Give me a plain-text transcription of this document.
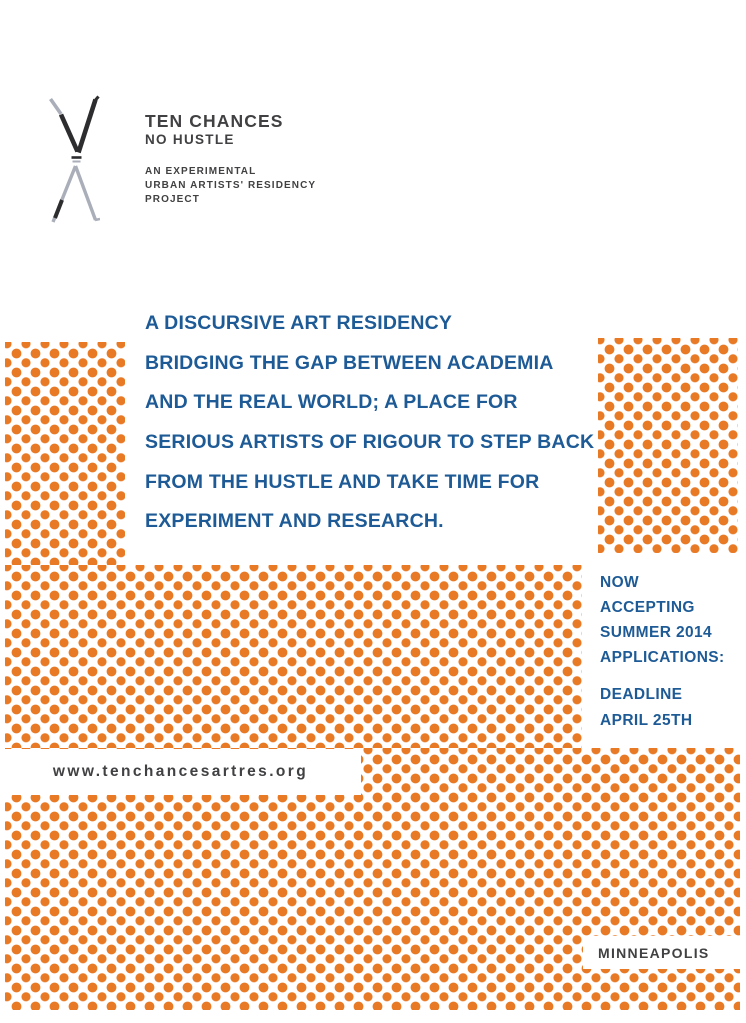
www.tenchancesartres.org
MINNEAPOLIS
TEN CHANCES
NO HUSTLE
AN EXPERIMENTAL
URBAN ARTISTS' RESIDENCY
PROJECT
A DISCURSIVE ART RESIDENCY
BRIDGING THE GAP BETWEEN ACADEMIA
AND THE REAL WORLD; A PLACE FOR
SERIOUS ARTISTS OF RIGOUR TO STEP BACK
FROM THE HUSTLE AND TAKE TIME FOR
EXPERIMENT AND RESEARCH.
NOW
ACCEPTING
SUMMER 2014
APPLICATIONS:
DEADLINE
APRIL 25TH
